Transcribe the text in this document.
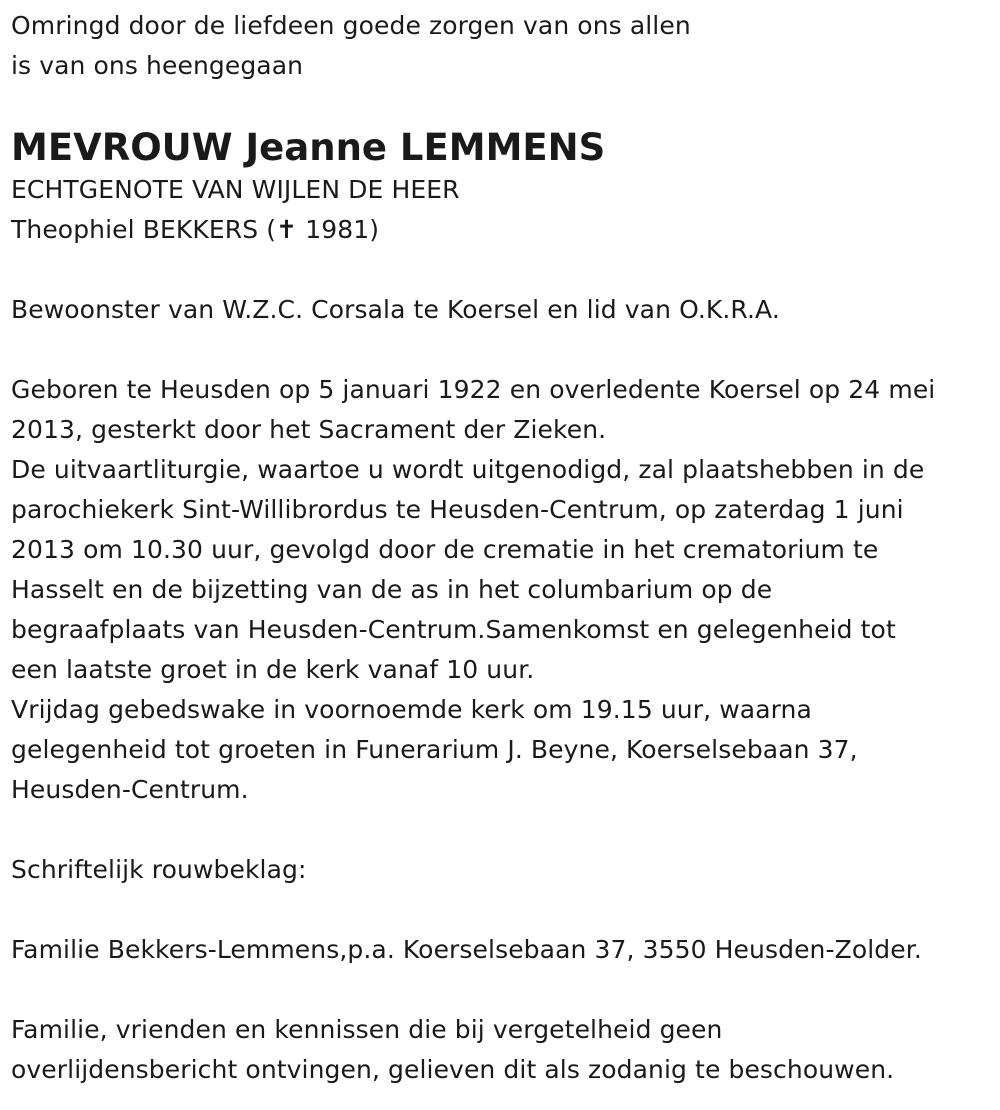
Omringd door de liefdeen goede zorgen van ons allen
is van ons heengegaan
MEVROUW Jeanne LEMMENS
ECHTGENOTE VAN WIJLEN DE HEER
Theophiel BEKKERS (✝ 1981)
Bewoonster van W.Z.C. Corsala te Koersel en lid van O.K.R.A.
Geboren te Heusden op 5 januari 1922 en overledente Koersel op 24 mei
2013, gesterkt door het Sacrament der Zieken.
De uitvaartliturgie, waartoe u wordt uitgenodigd, zal plaatshebben in de
parochiekerk Sint-Willibrordus te Heusden-Centrum, op zaterdag 1 juni
2013 om 10.30 uur, gevolgd door de crematie in het crematorium te
Hasselt en de bijzetting van de as in het columbarium op de
begraafplaats van Heusden-Centrum.Samenkomst en gelegenheid tot
een laatste groet in de kerk vanaf 10 uur.
Vrijdag gebedswake in voornoemde kerk om 19.15 uur, waarna
gelegenheid tot groeten in Funerarium J. Beyne, Koerselsebaan 37,
Heusden-Centrum.
Schriftelijk rouwbeklag:
Familie Bekkers-Lemmens,p.a. Koerselsebaan 37, 3550 Heusden-Zolder.
Familie, vrienden en kennissen die bij vergetelheid geen
overlijdensbericht ontvingen, gelieven dit als zodanig te beschouwen.
